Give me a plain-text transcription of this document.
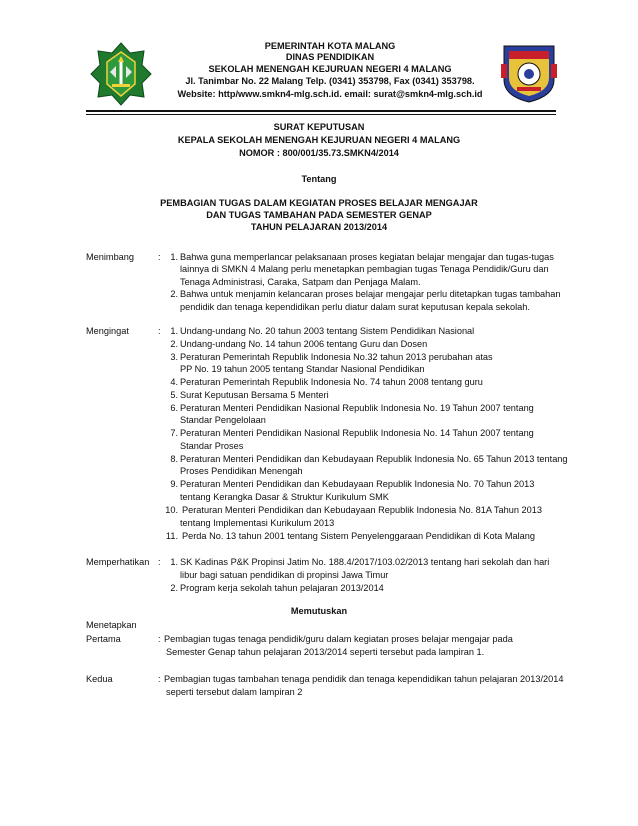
PEMERINTAH KOTA MALANG
DINAS PENDIDIKAN
SEKOLAH MENENGAH KEJURUAN NEGERI 4 MALANG
Jl. Tanimbar No. 22 Malang Telp. (0341) 353798, Fax (0341) 353798.
Website: http/www.smkn4-mlg.sch.id. email: surat@smkn4-mlg.sch.id
SURAT KEPUTUSAN
KEPALA SEKOLAH MENENGAH KEJURUAN NEGERI 4 MALANG
NOMOR : 800/001/35.73.SMKN4/2014
Tentang
PEMBAGIAN TUGAS DALAM KEGIATAN PROSES BELAJAR MENGAJAR
DAN TUGAS TAMBAHAN PADA SEMESTER GENAP
TAHUN PELAJARAN 2013/2014
Menimbang	:	1. Bahwa guna memperlancar pelaksanaan proses kegiatan belajar mengajar dan tugas-tugas
lainnya di SMKN 4 Malang perlu menetapkan pembagian tugas Tenaga Pendidik/Guru dan
Tenaga Administrasi, Caraka, Satpam dan Penjaga Malam.
2. Bahwa untuk menjamin kelancaran proses belajar mengajar perlu ditetapkan tugas tambahan
pendidik dan tenaga kependidikan perlu diatur dalam surat keputusan kepala sekolah.
Mengingat	:	1. Undang-undang No. 20 tahun 2003 tentang Sistem Pendidikan Nasional
2. Undang-undang No. 14 tahun 2006 tentang Guru dan Dosen
3. Peraturan Pemerintah Republik Indonesia No.32 tahun 2013 perubahan atas
PP No. 19 tahun 2005 tentang Standar Nasional Pendidikan
4. Peraturan Pemerintah Republik Indonesia No. 74 tahun 2008 tentang guru
5. Surat Keputusan Bersama 5 Menteri
6. Peraturan Menteri Pendidikan Nasional Republik Indonesia No. 19 Tahun 2007 tentang
Standar Pengelolaan
7. Peraturan Menteri Pendidikan Nasional Republik Indonesia No. 14 Tahun 2007 tentang
Standar Proses
8. Peraturan Menteri Pendidikan dan Kebudayaan Republik Indonesia No. 65 Tahun 2013 tentang
Proses Pendidikan Menengah
9. Peraturan Menteri Pendidikan dan Kebudayaan Republik Indonesia No. 70 Tahun 2013
tentang Kerangka Dasar & Struktur Kurikulum SMK
10. Peraturan Menteri Pendidikan dan Kebudayaan Republik Indonesia No. 81A Tahun 2013
tentang Implementasi Kurikulum 2013
11. Perda No. 13 tahun 2001 tentang Sistem Penyelenggaraan Pendidikan di Kota Malang
Memperhatikan :	1. SK Kadinas P&K Propinsi Jatim No. 188.4/2017/103.02/2013 tentang hari sekolah dan hari
libur bagi satuan pendidikan di propinsi Jawa Timur
2. Program kerja sekolah tahun pelajaran 2013/2014
Memutuskan
Menetapkan
Pertama	: Pembagian tugas tenaga pendidik/guru dalam kegiatan proses belajar mengajar pada
Semester Genap tahun pelajaran 2013/2014 seperti tersebut pada lampiran 1.
Kedua	: Pembagian tugas tambahan tenaga pendidik dan tenaga kependidikan tahun pelajaran 2013/2014
seperti tersebut dalam lampiran 2
